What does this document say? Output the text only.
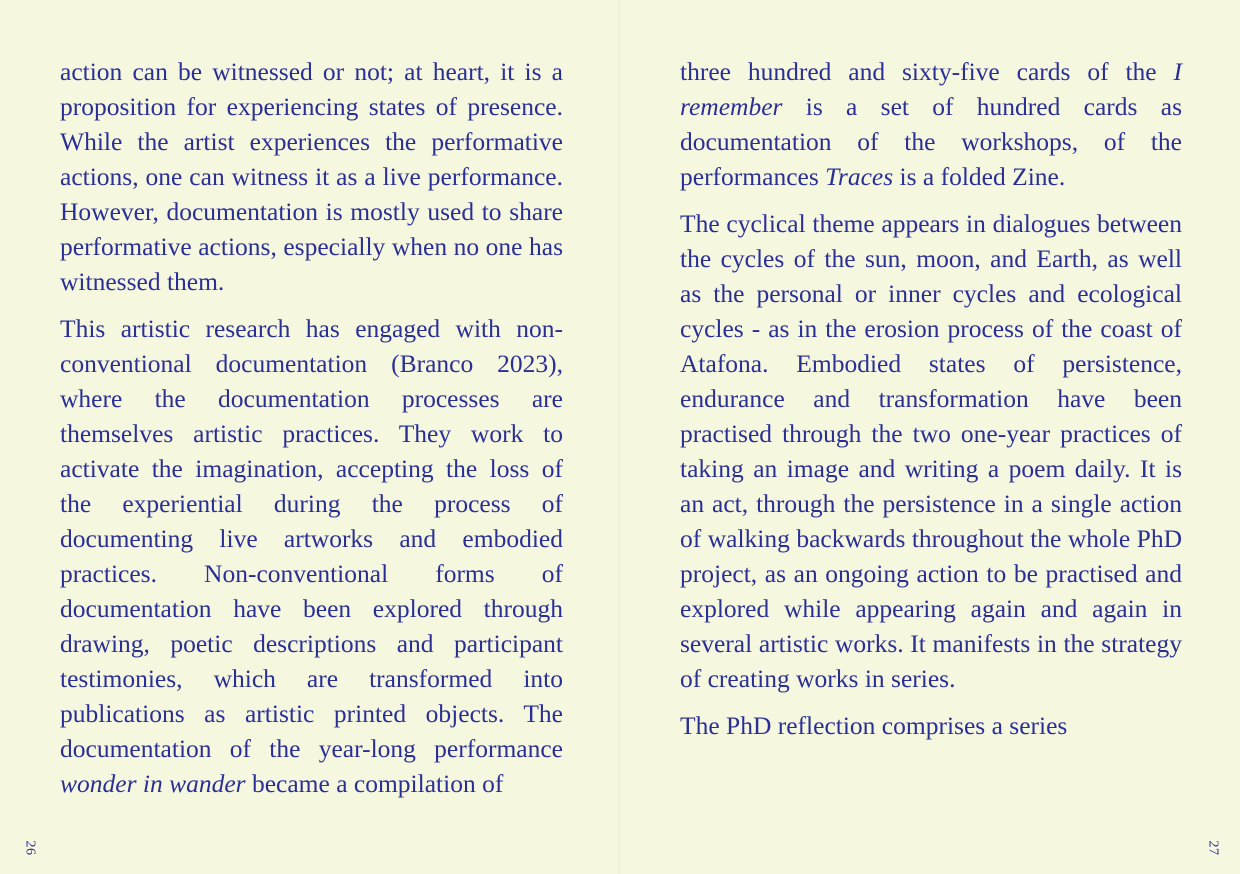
action can be witnessed or not; at heart, it is a proposition for experiencing states of presence. While the artist experiences the performative actions, one can witness it as a live performance. However, documentation is mostly used to share performative actions, especially when no one has witnessed them.

This artistic research has engaged with non-conventional documentation (Branco 2023), where the documentation processes are themselves artistic practices. They work to activate the imagination, accepting the loss of the experiential during the process of documenting live artworks and embodied practices. Non-conventional forms of documentation have been explored through drawing, poetic descriptions and participant testimonies, which are transformed into publications as artistic printed objects. The documentation of the year-long performance wonder in wander became a compilation of

26

three hundred and sixty-five cards of the I remember is a set of hundred cards as documentation of the workshops, of the performances Traces is a folded Zine.

The cyclical theme appears in dialogues between the cycles of the sun, moon, and Earth, as well as the personal or inner cycles and ecological cycles - as in the erosion process of the coast of Atafona. Embodied states of persistence, endurance and transformation have been practised through the two one-year practices of taking an image and writing a poem daily. It is an act, through the persistence in a single action of walking backwards throughout the whole PhD project, as an ongoing action to be practised and explored while appearing again and again in several artistic works. It manifests in the strategy of creating works in series.

The PhD reflection comprises a series

27
